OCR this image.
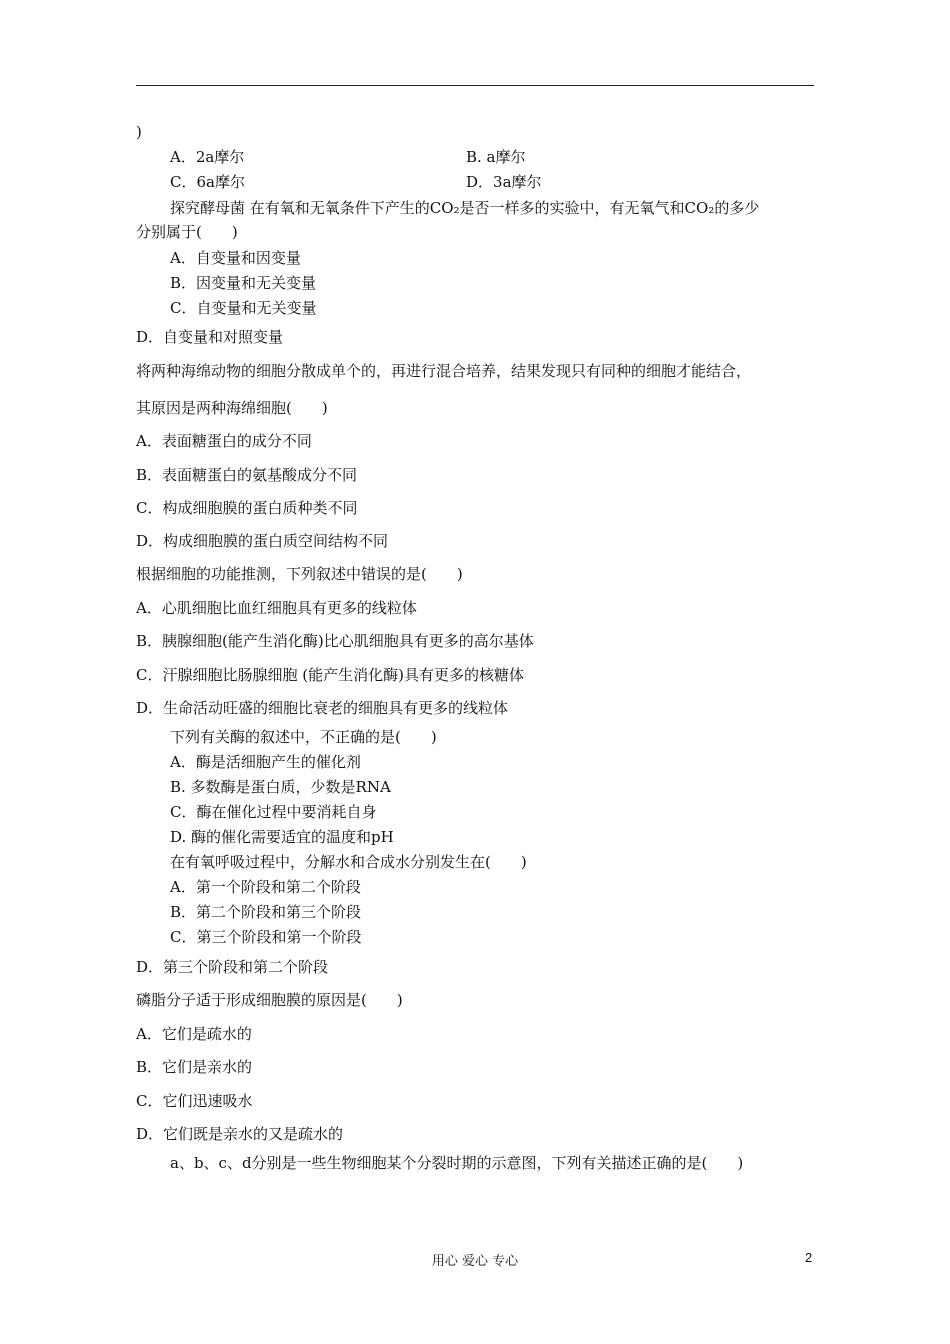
)
A．2a摩尔	B. a摩尔
C．6a摩尔	D．3a摩尔
探究酵母菌 在有氧和无氧条件下产生的CO₂是否一样多的实验中，有无氧气和CO₂的多少
分别属于(　　)
A．自变量和因变量
B．因变量和无关变量
C．自变量和无关变量
D．自变量和对照变量
将两种海绵动物的细胞分散成单个的，再进行混合培养，结果发现只有同种的细胞才能结合，
其原因是两种海绵细胞(　　)
A．表面糖蛋白的成分不同
B．表面糖蛋白的氨基酸成分不同
C．构成细胞膜的蛋白质种类不同
D．构成细胞膜的蛋白质空间结构不同
根据细胞的功能推测，下列叙述中错误的是(　　)
A．心肌细胞比血红细胞具有更多的线粒体
B．胰腺细胞(能产生消化酶)比心肌细胞具有更多的高尔基体
C．汗腺细胞比肠腺细胞 (能产生消化酶)具有更多的核糖体
D．生命活动旺盛的细胞比衰老的细胞具有更多的线粒体
下列有关酶的叙述中，不正确的是(　　)
A．酶是活细胞产生的催化剂
B. 多数酶是蛋白质，少数是RNA
C．酶在催化过程中要消耗自身
D. 酶的催化需要适宜的温度和pH
在有氧呼吸过程中，分解水和合成水分别发生在(　　)
A．第一个阶段和第二个阶段
B．第二个阶段和第三个阶段
C．第三个阶段和第一个阶段
D．第三个阶段和第二个阶段
磷脂分子适于形成细胞膜的原因是(　　)
A．它们是疏水的
B．它们是亲水的
C．它们迅速吸水
D．它们既是亲水的又是疏水的
a、b、c、d分别是一些生物细胞某个分裂时期的示意图，下列有关描述正确的是(　　)
用心 爱心 专心	2
